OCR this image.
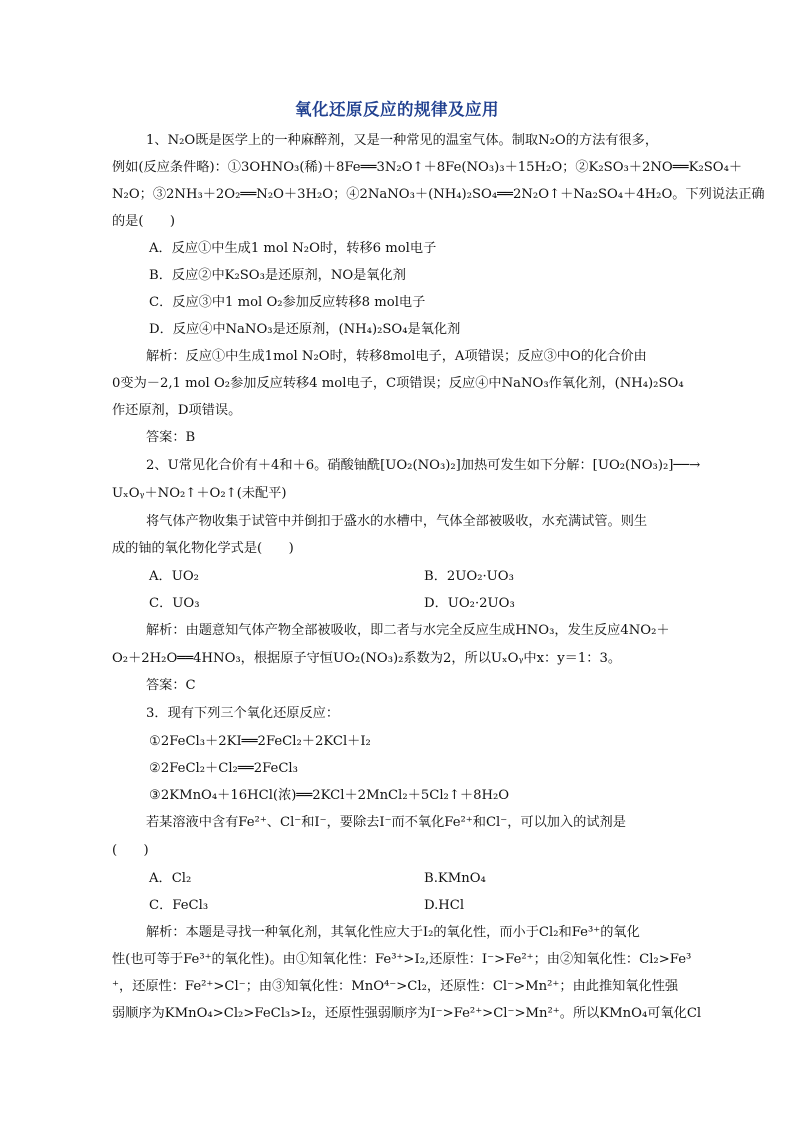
氧化还原反应的规律及应用
1、N₂O既是医学上的一种麻醉剂，又是一种常见的温室气体。制取N₂O的方法有很多，
例如(反应条件略)：①3OHNO₃(稀)＋8Fe══3N₂O↑＋8Fe(NO₃)₃＋15H₂O；②K₂SO₃＋2NO══K₂SO₄＋
N₂O；③2NH₃＋2O₂══N₂O＋3H₂O；④2NaNO₃＋(NH₄)₂SO₄══2N₂O↑＋Na₂SO₄＋4H₂O。下列说法正确
的是(　　)
A．反应①中生成1 mol N₂O时，转移6 mol电子
B．反应②中K₂SO₃是还原剂，NO是氧化剂
C．反应③中1 mol O₂参加反应转移8 mol电子
D．反应④中NaNO₃是还原剂，(NH₄)₂SO₄是氧化剂
解析：反应①中生成1mol N₂O时，转移8mol电子，A项错误；反应③中O的化合价由
0变为－2,1 mol O₂参加反应转移4 mol电子，C项错误；反应④中NaNO₃作氧化剂，(NH₄)₂SO₄
作还原剂，D项错误。
答案：B
2、U常见化合价有＋4和＋6。硝酸铀酰[UO₂(NO₃)₂]加热可发生如下分解：[UO₂(NO₃)₂]──→
UₓOᵧ＋NO₂↑＋O₂↑(未配平)
将气体产物收集于试管中并倒扣于盛水的水槽中，气体全部被吸收，水充满试管。则生
成的铀的氧化物化学式是(　　)
A．UO₂	B．2UO₂·UO₃
C．UO₃	D．UO₂·2UO₃
解析：由题意知气体产物全部被吸收，即二者与水完全反应生成HNO₃，发生反应4NO₂＋
O₂＋2H₂O══4HNO₃，根据原子守恒UO₂(NO₃)₂系数为2，所以UₓOᵧ中x：y＝1：3。
答案：C
3．现有下列三个氧化还原反应：
①2FeCl₃＋2KI══2FeCl₂＋2KCl＋I₂
②2FeCl₂＋Cl₂══2FeCl₃
③2KMnO₄＋16HCl(浓)══2KCl＋2MnCl₂＋5Cl₂↑＋8H₂O
若某溶液中含有Fe²⁺、Cl⁻和I⁻，要除去I⁻而不氧化Fe²⁺和Cl⁻，可以加入的试剂是
(　　)
A．Cl₂	B.KMnO₄
C．FeCl₃	D.HCl
解析：本题是寻找一种氧化剂，其氧化性应大于I₂的氧化性，而小于Cl₂和Fe³⁺的氧化
性(也可等于Fe³⁺的氧化性)。由①知氧化性：Fe³⁺>I₂,还原性：I⁻>Fe²⁺；由②知氧化性：Cl₂>Fe³
⁺，还原性：Fe²⁺>Cl⁻；由③知氧化性：MnO⁴⁻>Cl₂，还原性：Cl⁻>Mn²⁺；由此推知氧化性强
弱顺序为KMnO₄>Cl₂>FeCl₃>I₂，还原性强弱顺序为I⁻>Fe²⁺>Cl⁻>Mn²⁺。所以KMnO₄可氧化Cl
